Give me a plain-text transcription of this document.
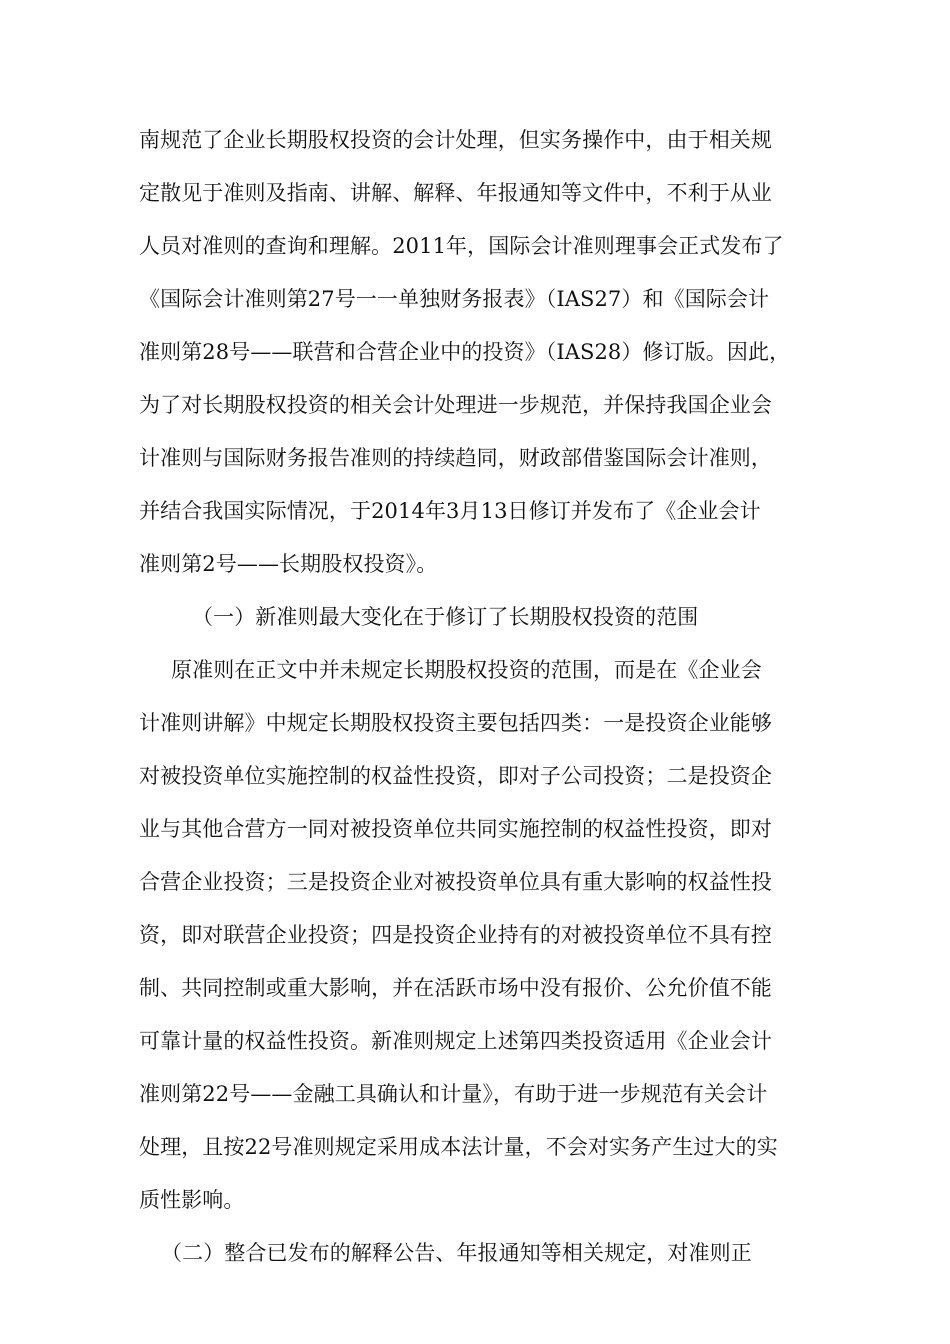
南规范了企业长期股权投资的会计处理，但实务操作中，由于相关规
定散见于准则及指南、讲解、解释、年报通知等文件中，不利于从业
人员对准则的查询和理解。2011年，国际会计准则理事会正式发布了
《国际会计准则第27号一一单独财务报表》（IAS27）和《国际会计
准则第28号——联营和合营企业中的投资》（IAS28）修订版。因此，
为了对长期股权投资的相关会计处理进一步规范，并保持我国企业会
计准则与国际财务报告准则的持续趋同，财政部借鉴国际会计准则，
并结合我国实际情况，于2014年3月13日修订并发布了《企业会计
准则第2号——长期股权投资》。
（一）新准则最大变化在于修订了长期股权投资的范围
原准则在正文中并未规定长期股权投资的范围，而是在《企业会
计准则讲解》中规定长期股权投资主要包括四类：一是投资企业能够
对被投资单位实施控制的权益性投资，即对子公司投资；二是投资企
业与其他合营方一同对被投资单位共同实施控制的权益性投资，即对
合营企业投资；三是投资企业对被投资单位具有重大影响的权益性投
资，即对联营企业投资；四是投资企业持有的对被投资单位不具有控
制、共同控制或重大影响，并在活跃市场中没有报价、公允价值不能
可靠计量的权益性投资。新准则规定上述第四类投资适用《企业会计
准则第22号——金融工具确认和计量》，有助于进一步规范有关会计
处理，且按22号准则规定采用成本法计量，不会对实务产生过大的实
质性影响。
（二）整合已发布的解释公告、年报通知等相关规定，对准则正
